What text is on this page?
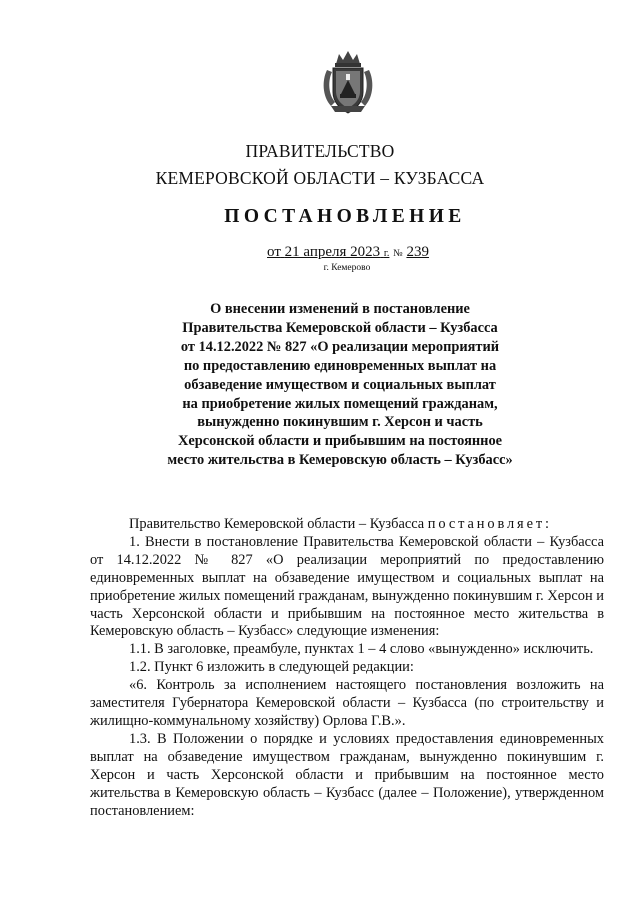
ПРАВИТЕЛЬСТВО
КЕМЕРОВСКОЙ ОБЛАСТИ – КУЗБАССА
ПОСТАНОВЛЕНИЕ
от 21 апреля 2023 г. № 239
г. Кемерово
О внесении изменений в постановление
Правительства Кемеровской области – Кузбасса
от 14.12.2022 № 827 «О реализации мероприятий
по предоставлению единовременных выплат на
обзаведение имуществом и социальных выплат
на приобретение жилых помещений гражданам,
вынужденно покинувшим г. Херсон и часть
Херсонской области и прибывшим на постоянное
место жительства в Кемеровскую область – Кузбасс»

Правительство Кемеровской области – Кузбасса постановляет:

1. Внести в постановление Правительства Кемеровской области – Кузбасса от 14.12.2022 № 827 «О реализации мероприятий по предоставлению единовременных выплат на обзаведение имуществом и социальных выплат на приобретение жилых помещений гражданам, вынужденно покинувшим г. Херсон и часть Херсонской области и прибывшим на постоянное место жительства в Кемеровскую область – Кузбасс» следующие изменения:

1.1. В заголовке, преамбуле, пунктах 1 – 4 слово «вынужденно» исключить.

1.2. Пункт 6 изложить в следующей редакции:

«6. Контроль за исполнением настоящего постановления возложить на заместителя Губернатора Кемеровской области – Кузбасса (по строительству и жилищно-коммунальному хозяйству) Орлова Г.В.».

1.3. В Положении о порядке и условиях предоставления единовременных выплат на обзаведение имуществом гражданам, вынужденно покинувшим г. Херсон и часть Херсонской области и прибывшим на постоянное место жительства в Кемеровскую область – Кузбасс (далее – Положение), утвержденном постановлением:
